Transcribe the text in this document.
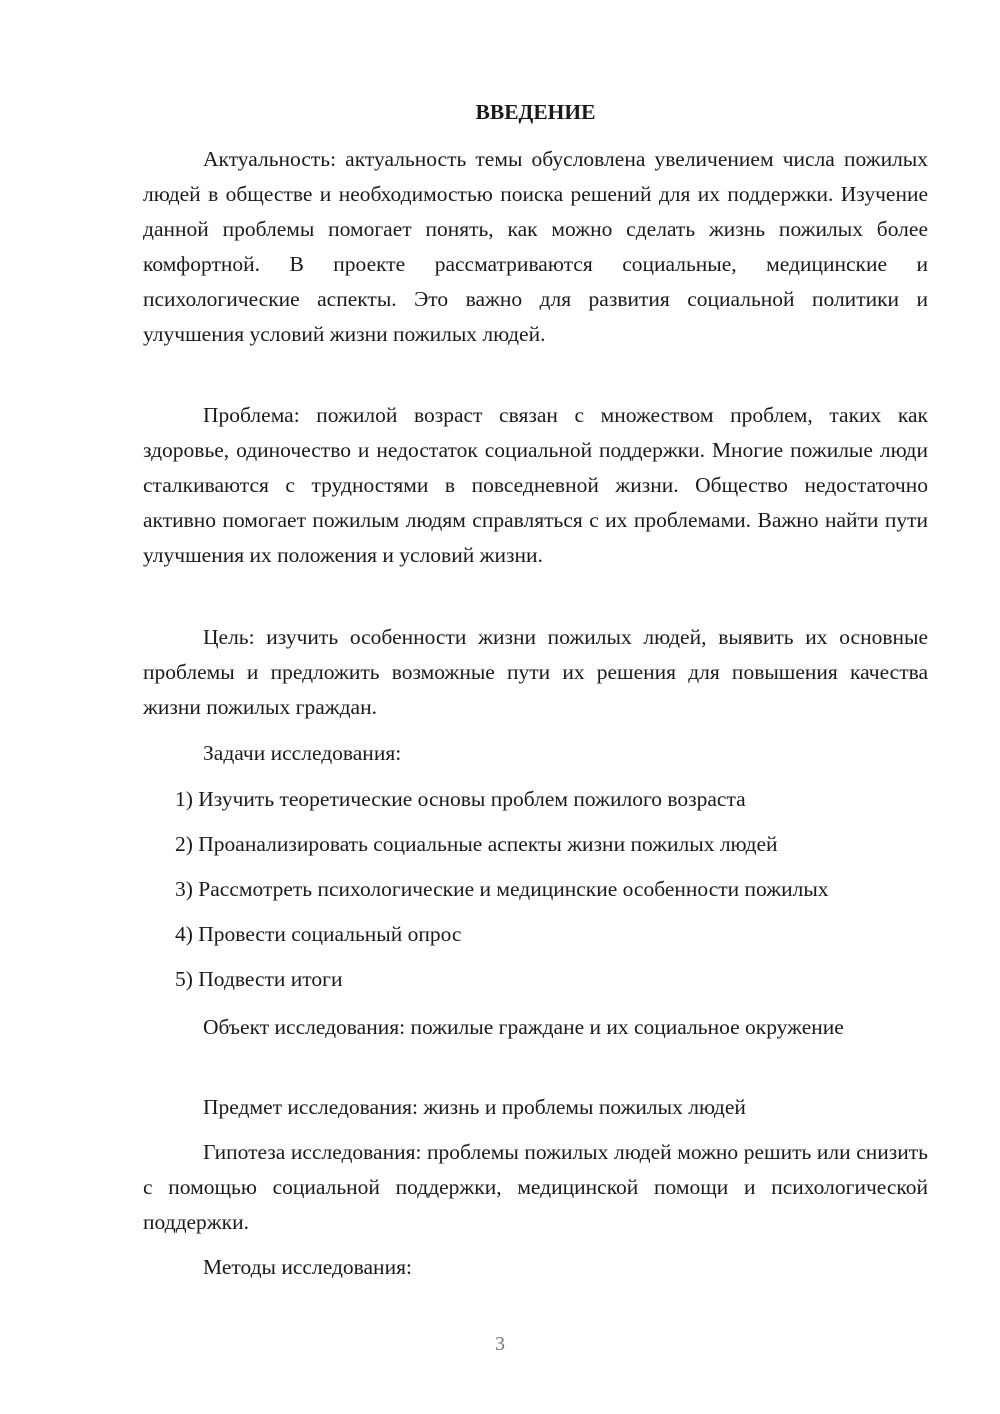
ВВЕДЕНИЕ

Актуальность: актуальность темы обусловлена увеличением числа пожилых людей в обществе и необходимостью поиска решений для их поддержки. Изучение данной проблемы помогает понять, как можно сделать жизнь пожилых более комфортной. В проекте рассматриваются социальные, медицинские и психологические аспекты. Это важно для развития социальной политики и улучшения условий жизни пожилых людей.

Проблема: пожилой возраст связан с множеством проблем, таких как здоровье, одиночество и недостаток социальной поддержки. Многие пожилые люди сталкиваются с трудностями в повседневной жизни. Общество недостаточно активно помогает пожилым людям справляться с их проблемами. Важно найти пути улучшения их положения и условий жизни.

Цель: изучить особенности жизни пожилых людей, выявить их основные проблемы и предложить возможные пути их решения для повышения качества жизни пожилых граждан.

Задачи исследования:

1) Изучить теоретические основы проблем пожилого возраста
2) Проанализировать социальные аспекты жизни пожилых людей
3) Рассмотреть психологические и медицинские особенности пожилых
4) Провести социальный опрос
5) Подвести итоги

Объект исследования: пожилые граждане и их социальное окружение

Предмет исследования: жизнь и проблемы пожилых людей

Гипотеза исследования: проблемы пожилых людей можно решить или снизить с помощью социальной поддержки, медицинской помощи и психологической поддержки.

Методы исследования:

3
